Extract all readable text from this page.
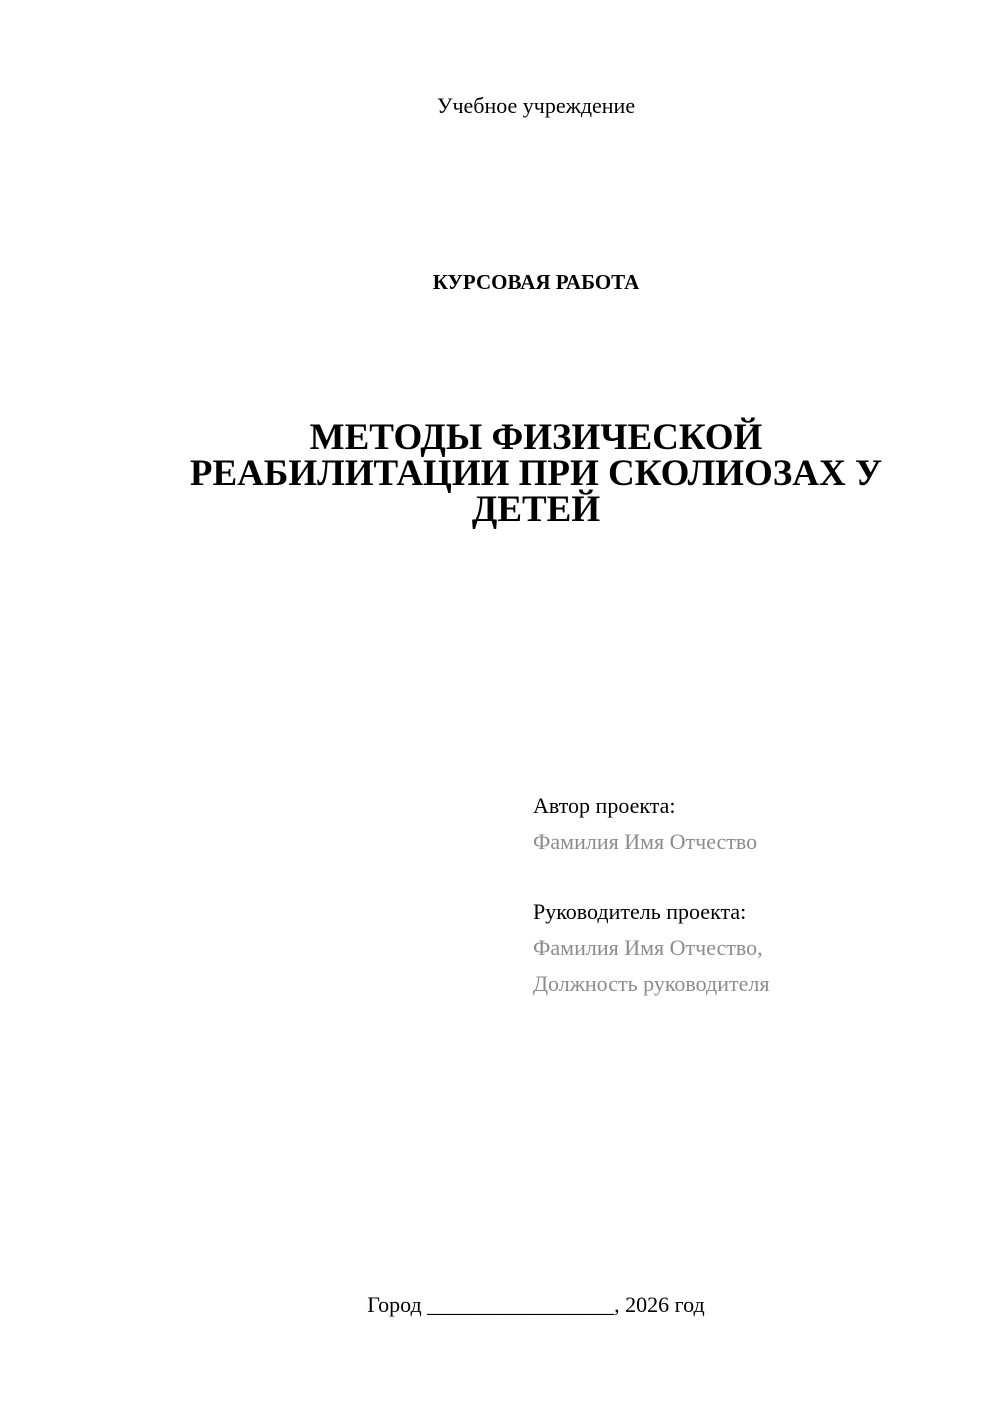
Учебное учреждение
КУРСОВАЯ РАБОТА
МЕТОДЫ ФИЗИЧЕСКОЙ
РЕАБИЛИТАЦИИ ПРИ СКОЛИОЗАХ У
ДЕТЕЙ
Автор проекта:
Фамилия Имя Отчество
Руководитель проекта:
Фамилия Имя Отчество,
Должность руководителя
Город _________________, 2026 год
